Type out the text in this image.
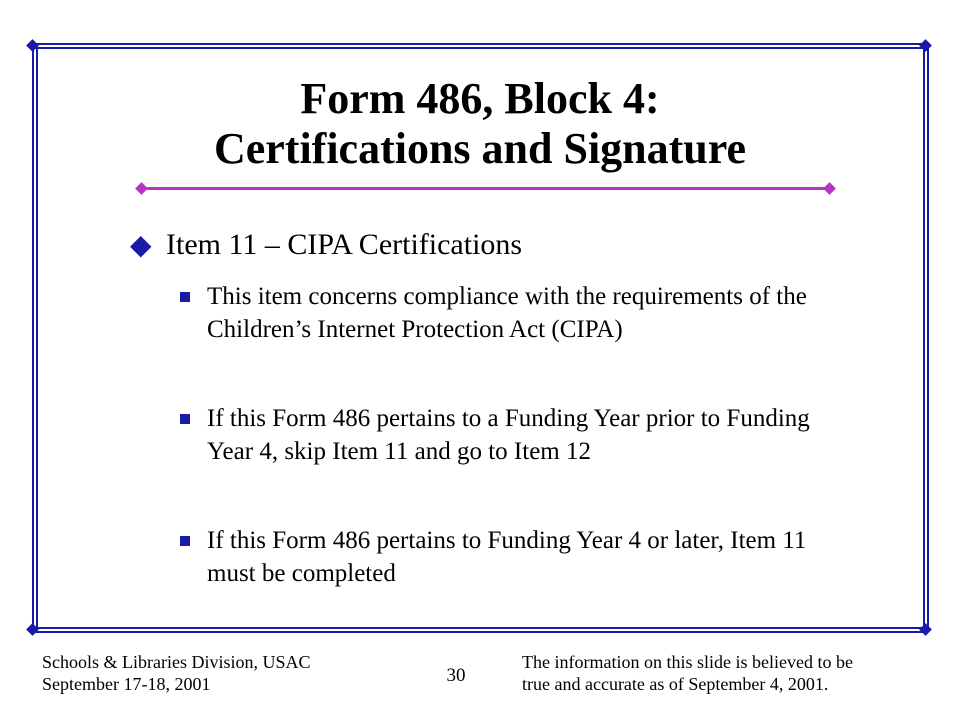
Form 486, Block 4:
Certifications and Signature
◆ Item 11 – CIPA Certifications
This item concerns compliance with the requirements of the Children’s Internet Protection Act (CIPA)
If this Form 486 pertains to a Funding Year prior to Funding Year 4, skip Item 11 and go to Item 12
If this Form 486 pertains to Funding Year 4 or later, Item 11 must be completed
Schools & Libraries Division, USAC
September 17-18, 2001	30
The information on this slide is believed to be
true and accurate as of September 4, 2001.
